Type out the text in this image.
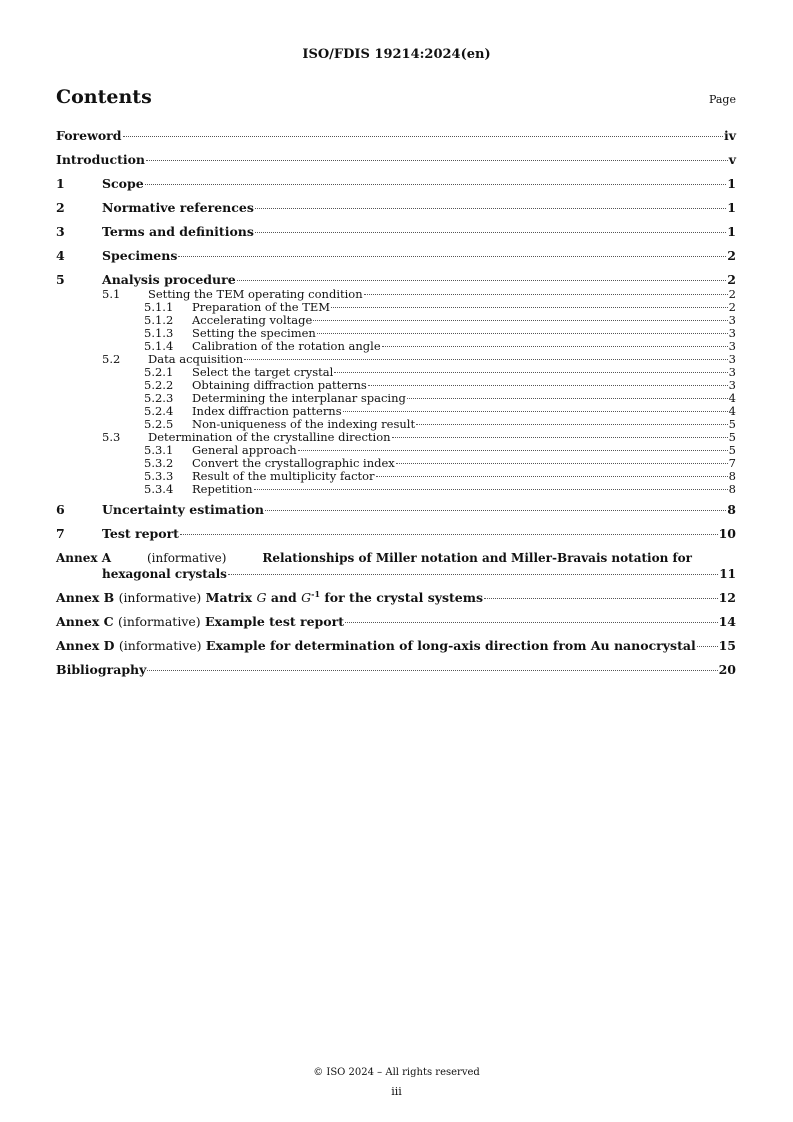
ISO/FDIS 19214:2024(en)
Contents	Page
Foreword	iv
Introduction	v
1	Scope	1
2	Normative references	1
3	Terms and definitions	1
4	Specimens	2
5	Analysis procedure	2
5.1	Setting the TEM operating condition	2
5.1.1	Preparation of the TEM	2
5.1.2	Accelerating voltage	3
5.1.3	Setting the specimen	3
5.1.4	Calibration of the rotation angle	3
5.2	Data acquisition	3
5.2.1	Select the target crystal	3
5.2.2	Obtaining diffraction patterns	3
5.2.3	Determining the interplanar spacing	4
5.2.4	Index diffraction patterns	4
5.2.5	Non-uniqueness of the indexing result	5
5.3	Determination of the crystalline direction	5
5.3.1	General approach	5
5.3.2	Convert the crystallographic index	7
5.3.3	Result of the multiplicity factor	8
5.3.4	Repetition	8
6	Uncertainty estimation	8
7	Test report	10
Annex A	(informative)	Relationships of Miller notation and Miller-Bravais notation for
hexagonal crystals	11
Annex B (informative) Matrix G and $G^{-1}$ for the crystal systems	12
Annex C (informative) Example test report	14
Annex D (informative) Example for determination of long-axis direction from Au nanocrystal 15
Bibliography	20
© ISO 2024 – All rights reserved
iii
